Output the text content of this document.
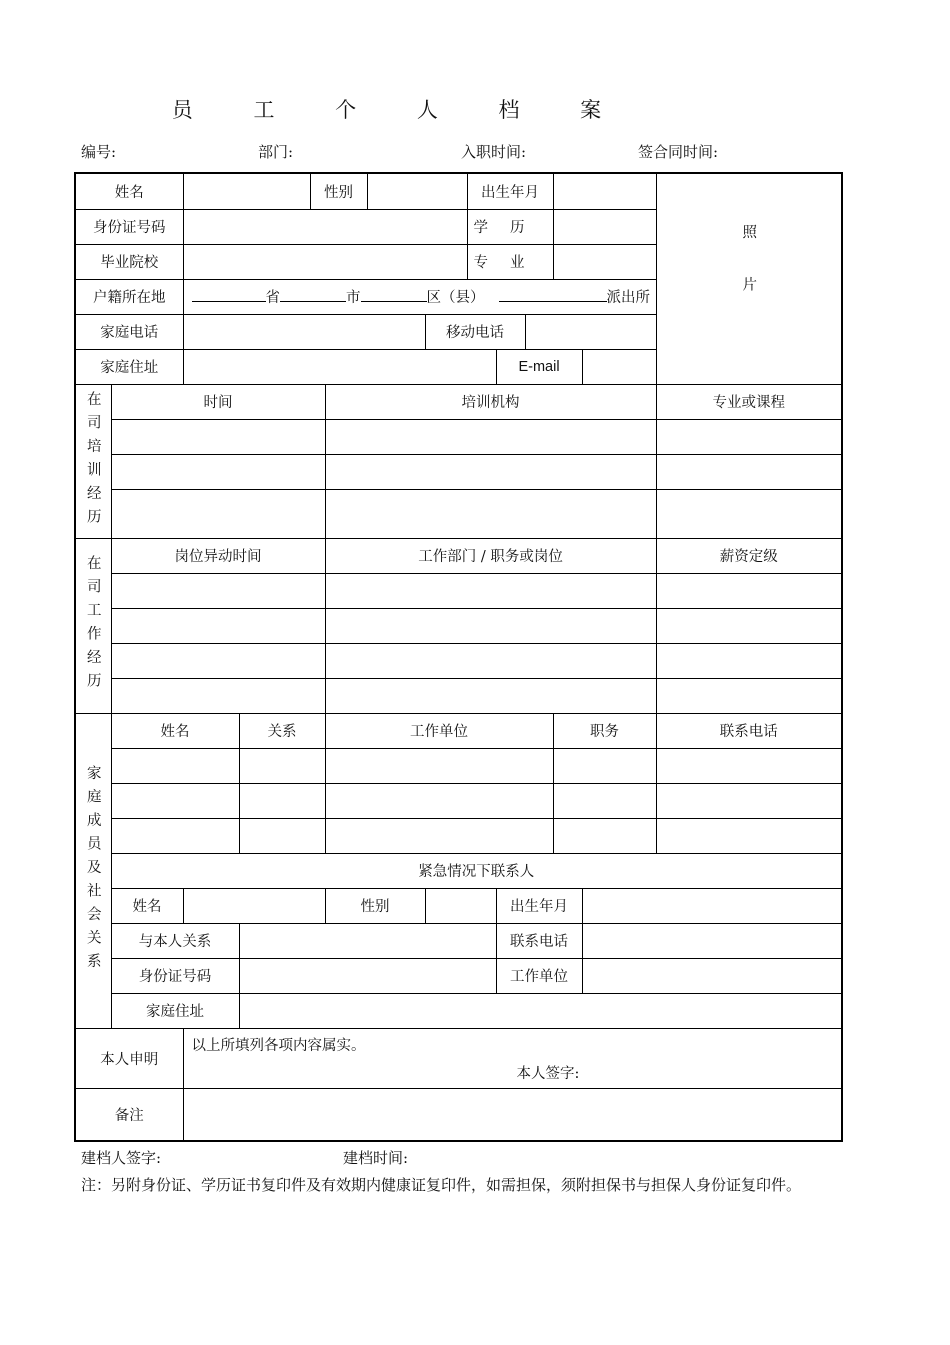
员 工 个 人 档 案
编号:	部门:	入职时间:	签合同时间:
姓名				性别				出生年月					照片
身份证号码								学历					
毕业院校								专业					
户籍所在地		省 市 区（县） 派出所											
家庭电话							移动电话						
家庭住址									E-mail				
在司培训经历	时间				培训机构								专业或课程

在司工作经历	岗位异动时间				工作部门 / 职务或岗位								薪资定级

家庭成员及社会关系	姓名		关系		工作单位						职务		联系电话

	紧急情况下联系人												
	姓名				性别				出生年月				
	与本人关系								联系电话				
	身份证号码								工作单位				
	家庭住址												
本人申明		以上所填列各项内容属实。
本人签字:											

备注													
建档人签字:	建档时间:
注：另附身份证、学历证书复印件及有效期内健康证复印件，如需担保，须附担保书与担保人身份证复印件。
